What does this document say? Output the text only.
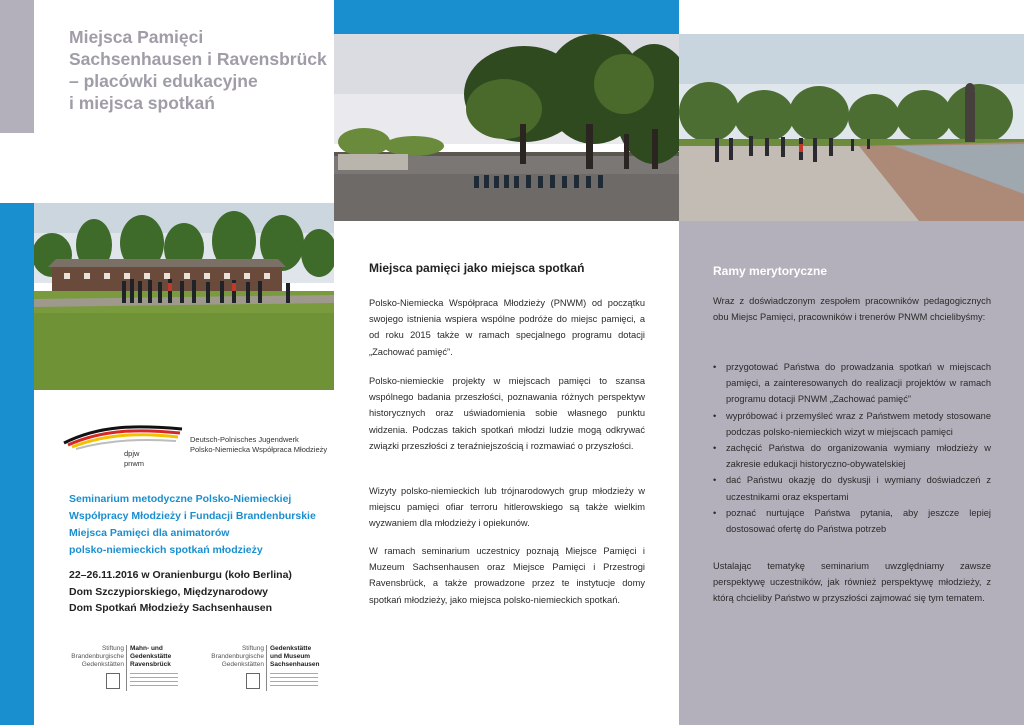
Miejsca Pamięci
Sachsenhausen i Ravensbrück
– placówki edukacyjne
i miejsca spotkań
dpjw
pnwm
Deutsch-Polnisches Jugendwerk
Polsko-Niemiecka Współpraca Młodzieży

Seminarium metodyczne Polsko-Niemieckiej
Współpracy Młodzieży i Fundacji Brandenburskie
Miejsca Pamięci dla animatorów
polsko-niemieckich spotkań młodzieży

22–26.11.2016 w Oranienburgu (koło Berlina)
Dom Szczypiorskiego, Międzynarodowy
Dom Spotkań Młodzieży Sachsenhausen
Stiftung
Brandenburgische
Gedenkstätten
Mahn- und
Gedenkstätte
Ravensbrück
Stiftung
Brandenburgische
Gedenkstätten
Gedenkstätte
und Museum
Sachsenhausen
Miejsca pamięci jako miejsca spotkań

Polsko-Niemiecka Współpraca Młodzieży (PNWM) od początku swojego istnienia wspiera wspólne podróże do miejsc pamięci, a od roku 2015 także w ramach specjalnego programu dotacji „Zachować pamięć”.

Polsko-niemieckie projekty w miejscach pamięci to szansa wspólnego badania przeszłości, poznawania różnych perspektyw historycznych oraz uświadomienia sobie własnego punktu widzenia. Podczas takich spotkań młodzi ludzie mogą odkrywać związki przeszłości z teraźniejszością i rozmawiać o przyszłości.

Wizyty polsko-niemieckich lub trójnarodowych grup młodzieży w miejscu pamięci ofiar terroru hitlerowskiego są także wielkim wyzwaniem dla młodzieży i opiekunów.

W ramach seminarium uczestnicy poznają Miejsce Pamięci i Muzeum Sachsenhausen oraz Miejsce Pamięci i Przestrogi Ravensbrück, a także prowadzone przez te instytucje domy spotkań młodzieży, jako miejsca polsko-niemieckich spotkań.

Ramy merytoryczne

Wraz z doświadczonym zespołem pracowników pedagogicznych obu Miejsc Pamięci, pracowników i trenerów PNWM chcielibyśmy:

• przygotować Państwa do prowadzania spotkań w miejscach pamięci, a zainteresowanych do realizacji projektów w ramach programu dotacji PNWM „Zachować pamięć”
• wypróbować i przemyśleć wraz z Państwem metody stosowane podczas polsko-niemieckich wizyt w miejscach pamięci
• zachęcić Państwa do organizowania wymiany młodzieży w zakresie edukacji historyczno-obywatelskiej
• dać Państwu okazję do dyskusji i wymiany doświadczeń z uczestnikami oraz ekspertami
• poznać nurtujące Państwa pytania, aby jeszcze lepiej dostosować ofertę do Państwa potrzeb

Ustalając tematykę seminarium uwzględniamy zawsze perspektywę uczestników, jak również perspektywę młodzieży, z którą chcieliby Państwo w przyszłości zajmować się tym tematem.
